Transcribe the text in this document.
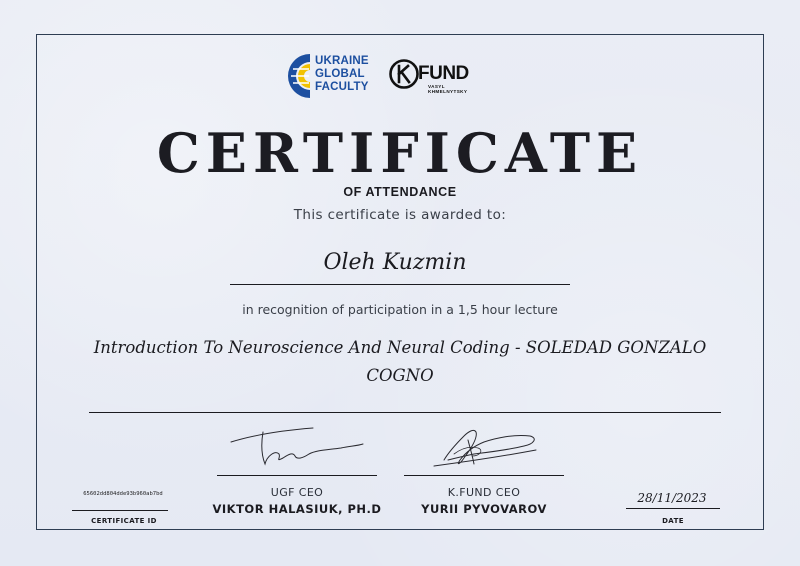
UKRAINE
GLOBAL
FACULTY
FUND
VASYL
KHMELNYTSKY
CERTIFICATE
OF ATTENDANCE
This certificate is awarded to:
Oleh Kuzmin
in recognition of participation in a 1,5 hour lecture
Introduction To Neuroscience And Neural Coding - SOLEDAD GONZALO COGNO
UGF CEO
VIKTOR HALASIUK, PH.D
K.FUND CEO
YURII PYVOVAROV
65602dd804dde93b960ab7bd
CERTIFICATE ID
28/11/2023
DATE
